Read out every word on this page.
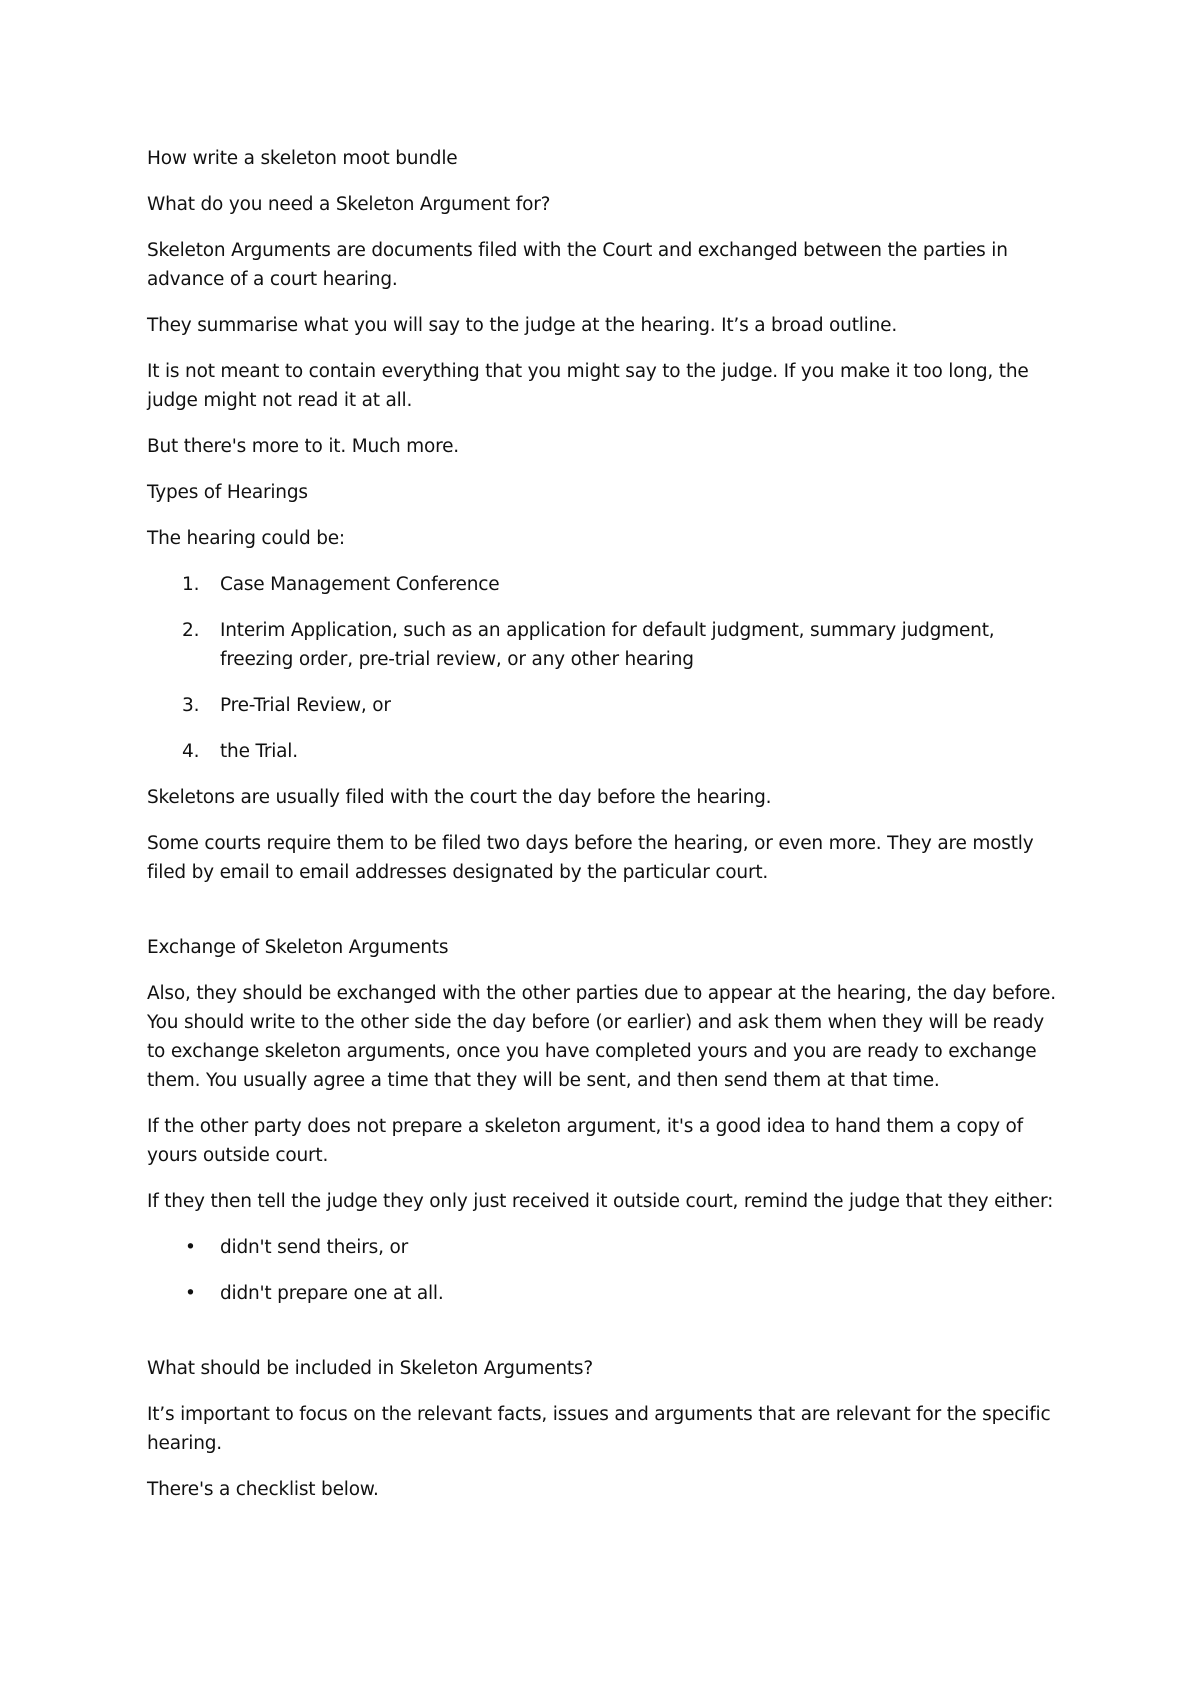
How write a skeleton moot bundle

What do you need a Skeleton Argument for?

Skeleton Arguments are documents filed with the Court and exchanged between the parties in advance of a court hearing.

They summarise what you will say to the judge at the hearing. It’s a broad outline.

It is not meant to contain everything that you might say to the judge. If you make it too long, the judge might not read it at all.

But there's more to it. Much more.

Types of Hearings

The hearing could be:

1. Case Management Conference
2. Interim Application, such as an application for default judgment, summary judgment, freezing order, pre-trial review, or any other hearing
3. Pre-Trial Review, or
4. the Trial.

Skeletons are usually filed with the court the day before the hearing.

Some courts require them to be filed two days before the hearing, or even more. They are mostly filed by email to email addresses designated by the particular court.

Exchange of Skeleton Arguments

Also, they should be exchanged with the other parties due to appear at the hearing, the day before. You should write to the other side the day before (or earlier) and ask them when they will be ready to exchange skeleton arguments, once you have completed yours and you are ready to exchange them. You usually agree a time that they will be sent, and then send them at that time.

If the other party does not prepare a skeleton argument, it's a good idea to hand them a copy of yours outside court.

If they then tell the judge they only just received it outside court, remind the judge that they either:

• didn't send theirs, or
• didn't prepare one at all.

What should be included in Skeleton Arguments?

It’s important to focus on the relevant facts, issues and arguments that are relevant for the specific hearing.

There's a checklist below.
